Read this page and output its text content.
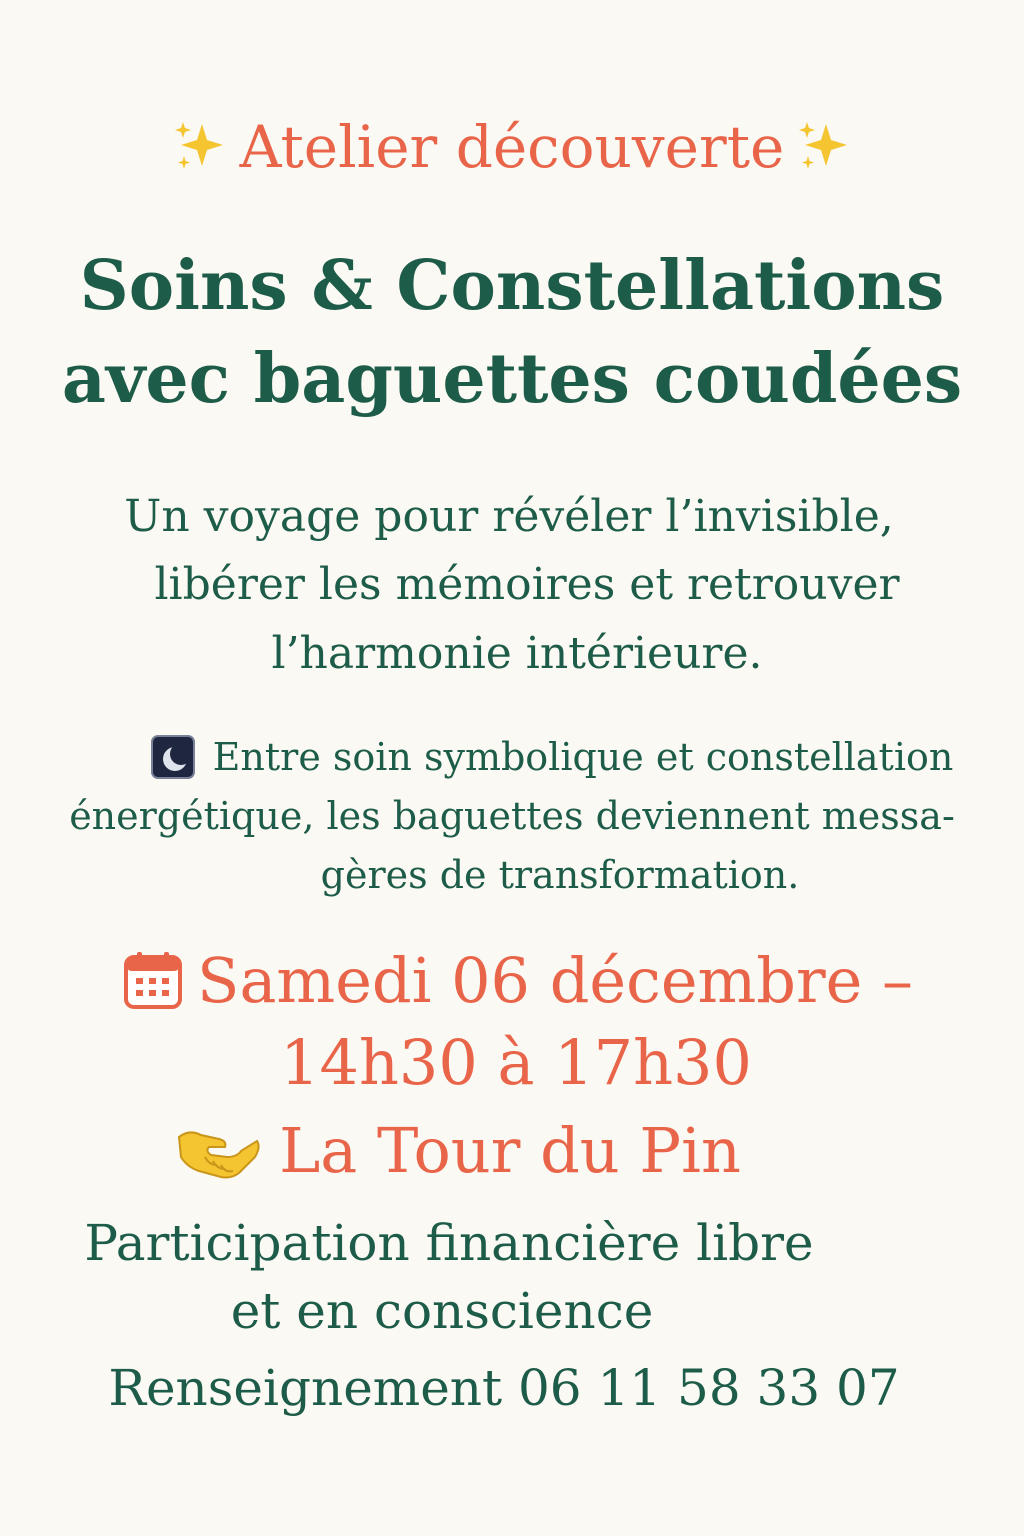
Atelier découverte
Soins & Constellations
avec baguettes coudées
Un voyage pour révéler l’invisible,
libérer les mémoires et retrouver
l’harmonie intérieure.
Entre soin symbolique et constellation
énergétique, les baguettes deviennent messa-
gères de transformation.
Samedi 06 décembre –
14h30 à 17h30
La Tour du Pin
Participation financière libre
et en conscience
Renseignement 06 11 58 33 07
